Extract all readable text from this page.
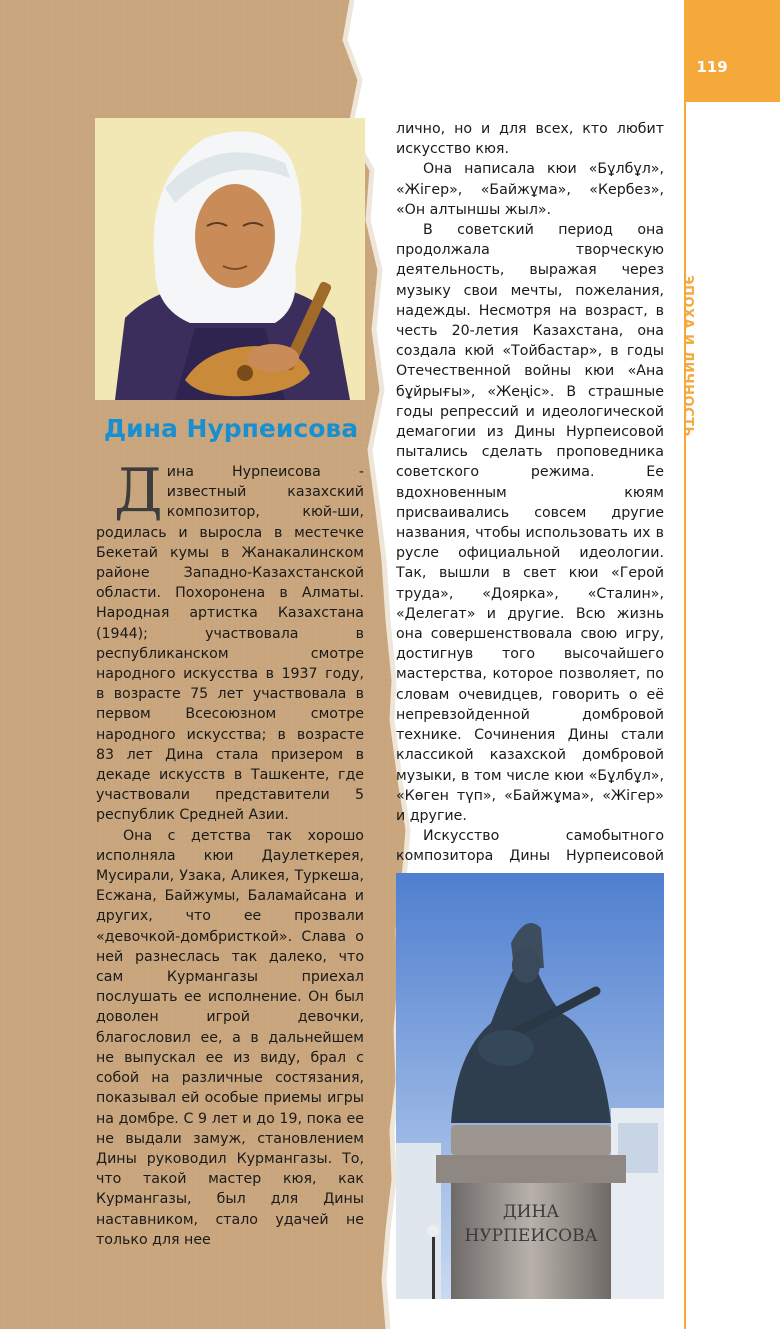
119
ЭПОХА И ЛИЧНОСТЬ
Дина Нурпеисова

Дина Нурпеисова - известный казахский композитор, кюй-ши, родилась и выросла в местечке Бекетай кумы в Жанакалинском районе Западно-Казахстанской области. Похоронена в Алматы. Народная артистка Казахстана (1944); участвовала в республиканском смотре народного искусства в 1937 году, в возрасте 75 лет участвовала в первом Всесоюзном смотре народного искусства; в возрасте 83 лет Дина стала призером в декаде искусств в Ташкенте, где участвовали представители 5 республик Средней Азии.

Она с детства так хорошо исполняла кюи Даулеткерея, Мусирали, Узака, Аликея, Туркеша, Есжана, Байжумы, Баламайсана и других, что ее прозвали «девочкой-домбристкой». Слава о ней разнеслась так далеко, что сам Курмангазы приехал послушать ее исполнение. Он был доволен игрой девочки, благословил ее, а в дальнейшем не выпускал ее из виду, брал с собой на различные состязания, показывал ей особые приемы игры на домбре. С 9 лет и до 19, пока ее не выдали замуж, становлением Дины руководил Курмангазы. То, что такой мастер кюя, как Курмангазы, был для Дины наставником, стало удачей не только для нее

лично, но и для всех, кто любит искусство кюя.

Она написала кюи «Бұлбұл», «Жігер», «Байжұма», «Кербез», «Он алтыншы жыл».

В советский период она продолжала творческую деятельность, выражая через музыку свои мечты, пожелания, надежды. Несмотря на возраст, в честь 20-летия Казахстана, она создала кюй «Тойбастар», в годы Отечественной войны кюи «Ана бұйрығы», «Жеңіс». В страшные годы репрессий и идеологической демагогии из Дины Нурпеисовой пытались сделать проповедника советского режима. Ее вдохновенным кюям присваивались совсем другие названия, чтобы использовать их в русле официальной идеологии. Так, вышли в свет кюи «Герой труда», «Доярка», «Сталин», «Делегат» и другие. Всю жизнь она совершенствовала свою игру, достигнув того высочайшего мастерства, которое позволяет, по словам очевидцев, говорить о её непревзойденной домбровой технике. Сочинения Дины стали классикой казахской домбровой музыки, в том числе кюи «Бұлбұл», «Көген түп», «Байжұма», «Жігер» и другие.

Искусство самобытного композитора Дины Нурпеисовой

ДИНА
НУРПЕИСОВА
